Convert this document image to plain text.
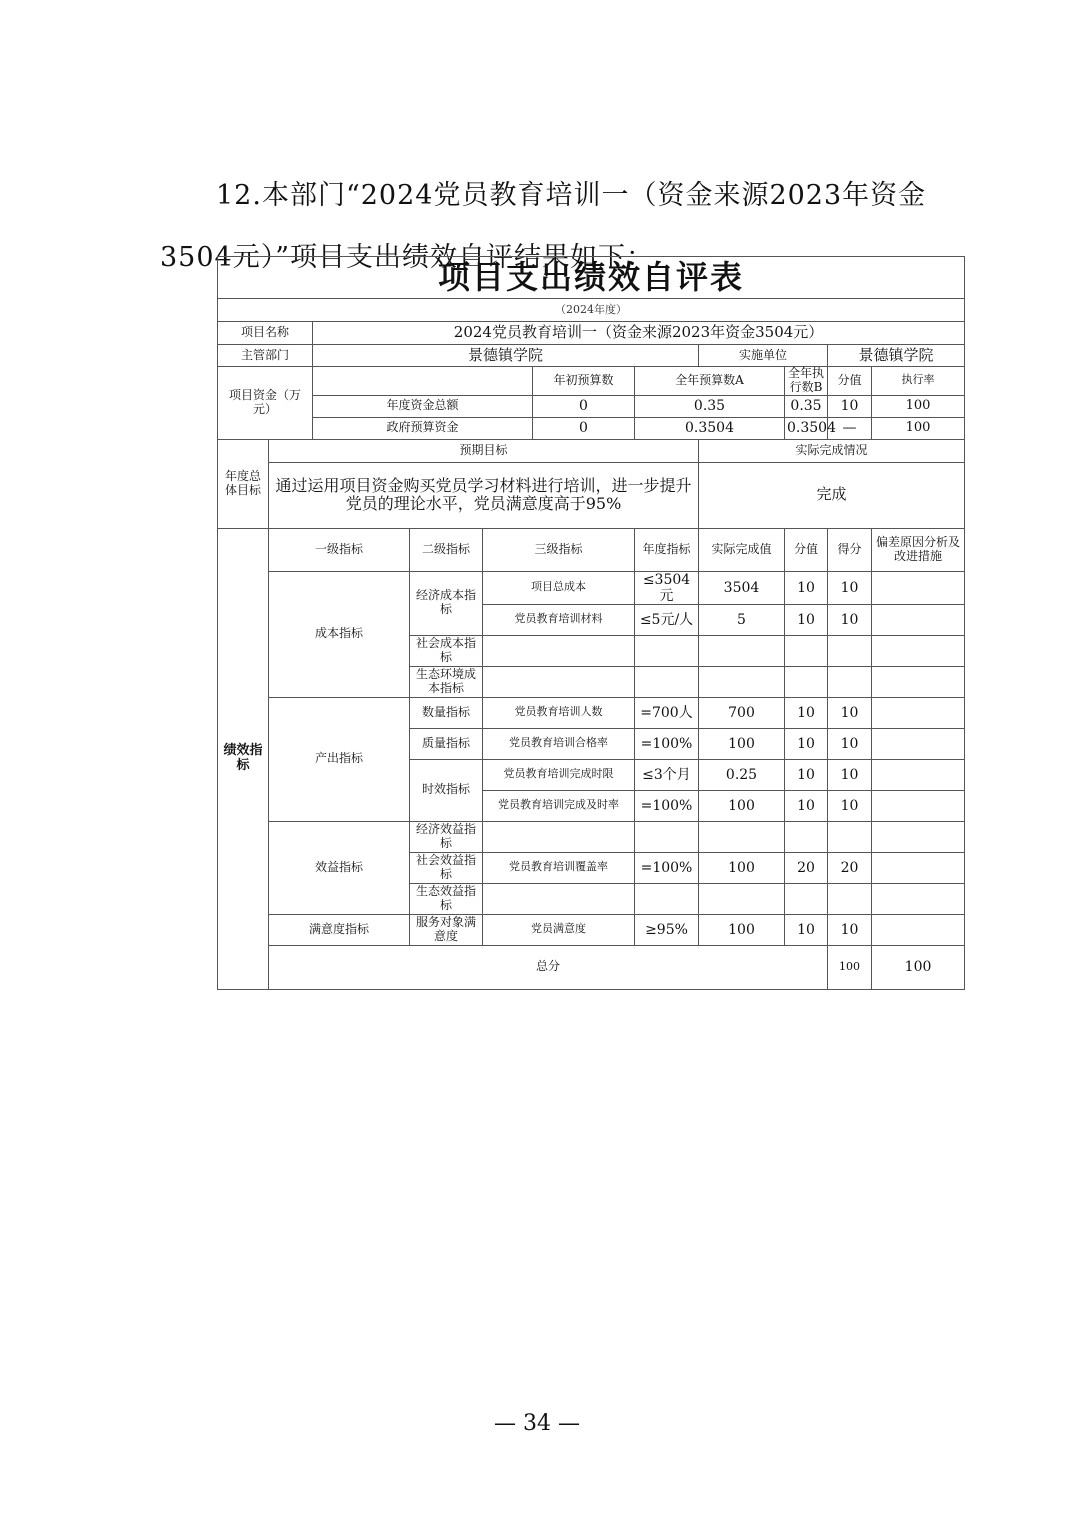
12.本部门“2024党员教育培训一（资金来源2023年资金3504元）”项目支出绩效自评结果如下：

项目支出绩效自评表											
（2024年度）											
项目名称		2024党员教育培训一（资金来源2023年资金3504元）									
主管部门		景德镇学院					实施单位		景德镇学院		
项目资金（万元）					年初预算数	全年预算数A		全年执行数B	分值	执行率	
		年度资金总额			0	0.35		0.35	10	100	
		政府预算资金			0	0.3504		0.3504	—	100	
年度总体目标	预期目标						实际完成情况				
	通过运用项目资金购买党员学习材料进行培训，进一步提升党员的理论水平，党员满意度高于95%						完成				
绩效指标	一级指标		二级指标	三级指标		年度指标	实际完成值	分值	得分	偏差原因分析及改进措施	
	成本指标		经济成本指标	项目总成本		≤3504元	3504	10	10		
				党员教育培训材料		≤5元/人	5	10	10		
			社会成本指标								
			生态环境成本指标								
	产出指标		数量指标	党员教育培训人数		=700人	700	10	10		
			质量指标	党员教育培训合格率		=100%	100	10	10		
			时效指标	党员教育培训完成时限		≤3个月	0.25	10	10		
				党员教育培训完成及时率		=100%	100	10	10		
	效益指标		经济效益指标								
			社会效益指标	党员教育培训覆盖率		=100%	100	20	20		
			生态效益指标								
	满意度指标		服务对象满意度	党员满意度		≥95%	100	10	10		
	总分								100	100	
— 34 —
